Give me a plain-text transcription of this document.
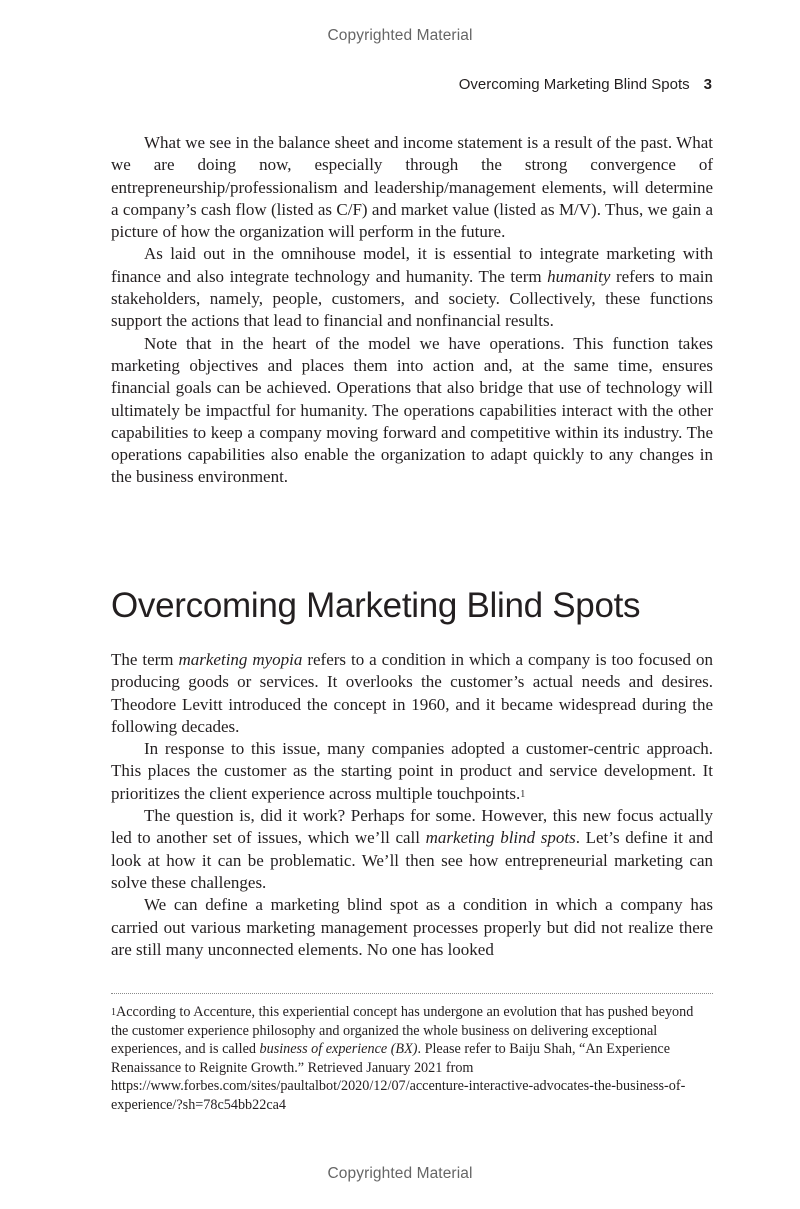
Copyrighted Material
Overcoming Marketing Blind Spots 3

What we see in the balance sheet and income statement is a result of the past. What we are doing now, especially through the strong convergence of entrepreneurship/professionalism and leadership/management elements, will determine a company’s cash flow (listed as C/F) and market value (listed as M/V). Thus, we gain a picture of how the organization will perform in the future.

As laid out in the omnihouse model, it is essential to integrate marketing with finance and also integrate technology and humanity. The term humanity refers to main stakeholders, namely, people, customers, and society. Collectively, these functions support the actions that lead to financial and nonfinancial results.

Note that in the heart of the model we have operations. This function takes marketing objectives and places them into action and, at the same time, ensures financial goals can be achieved. Operations that also bridge that use of technology will ultimately be impactful for humanity. The operations capabilities interact with the other capabilities to keep a company moving forward and competitive within its industry. The operations capabilities also enable the organization to adapt quickly to any changes in the business environment.

Overcoming Marketing Blind Spots

The term marketing myopia refers to a condition in which a company is too focused on producing goods or services. It overlooks the customer’s actual needs and desires. Theodore Levitt introduced the concept in 1960, and it became widespread during the following decades.

In response to this issue, many companies adopted a customer-centric approach. This places the customer as the starting point in product and service development. It prioritizes the client experience across multiple touchpoints.$^1$

The question is, did it work? Perhaps for some. However, this new focus actually led to another set of issues, which we’ll call marketing blind spots. Let’s define it and look at how it can be problematic. We’ll then see how entrepreneurial marketing can solve these challenges.

We can define a marketing blind spot as a condition in which a company has carried out various marketing management processes properly but did not realize there are still many unconnected elements. No one has looked

$^1$According to Accenture, this experiential concept has undergone an evolution that has pushed beyond the customer experience philosophy and organized the whole business on delivering exceptional experiences, and is called business of experience (BX). Please refer to Baiju Shah, “An Experience Renaissance to Reignite Growth.” Retrieved January 2021 from https://www.forbes.com/sites/paultalbot/2020/12/07/accenture-interactive-advocates-the-business-of-experience/?sh=78c54bb22ca4

Copyrighted Material
